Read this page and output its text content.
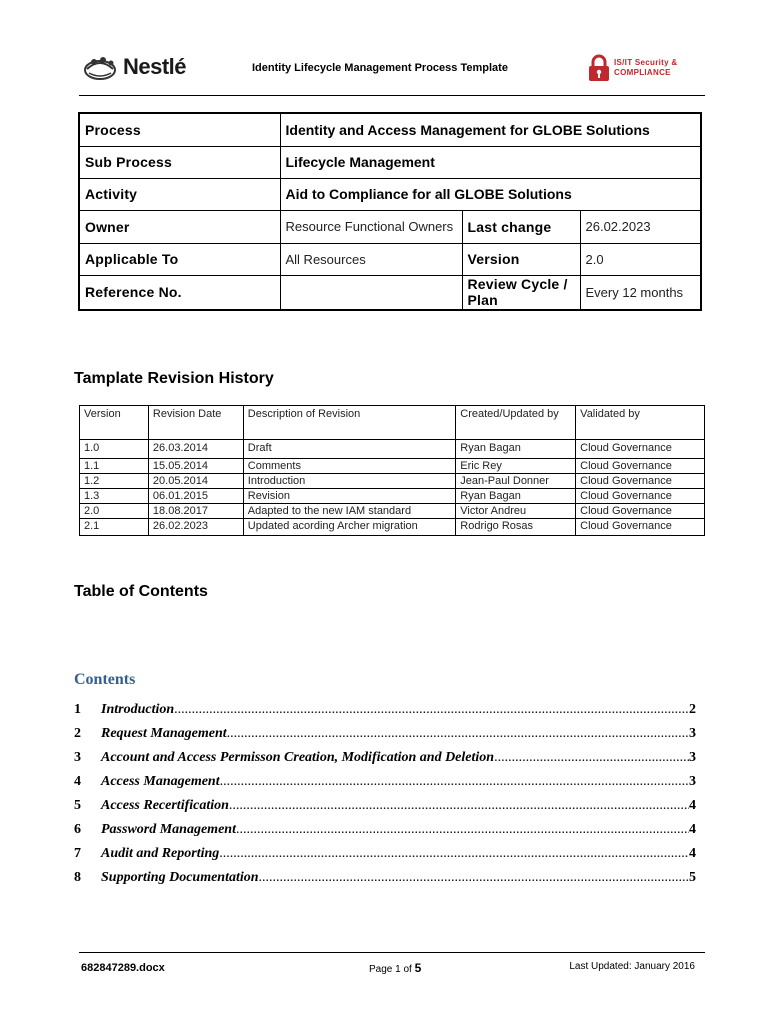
Nestlé	Identity Lifecycle Management Process Template	IS/IT Security &
COMPLIANCE
Process	Identity and Access Management for GLOBE Solutions		
Sub Process	Lifecycle Management		
Activity	Aid to Compliance for all GLOBE Solutions		
Owner	Resource Functional Owners	Last change	26.02.2023
Applicable To	All Resources	Version	2.0
Reference No.		Review Cycle / Plan	Every 12 months
Tamplate Revision History
Version	Revision Date	Description of Revision	Created/Updated by	Validated by
1.0	26.03.2014	Draft	Ryan Bagan	Cloud Governance
1.1	15.05.2014	Comments	Eric Rey	Cloud Governance
1.2	20.05.2014	Introduction	Jean-Paul Donner	Cloud Governance
1.3	06.01.2015	Revision	Ryan Bagan	Cloud Governance
2.0	18.08.2017	Adapted to the new IAM standard	Victor Andreu	Cloud Governance
2.1	26.02.2023	Updated acording Archer migration	Rodrigo Rosas	Cloud Governance
Table of Contents
Contents
1	Introduction .....	2
2	Request Management .....	3
3	Account and Access Permisson Creation, Modification and Deletion .....	3
4	Access Management .....	3
5	Access Recertification .....	4
6	Password Management .....	4
7	Audit and Reporting .....	4
8	Supporting Documentation .....	5
682847289.docx	Page 1 of 5	Last Updated: January 2016
